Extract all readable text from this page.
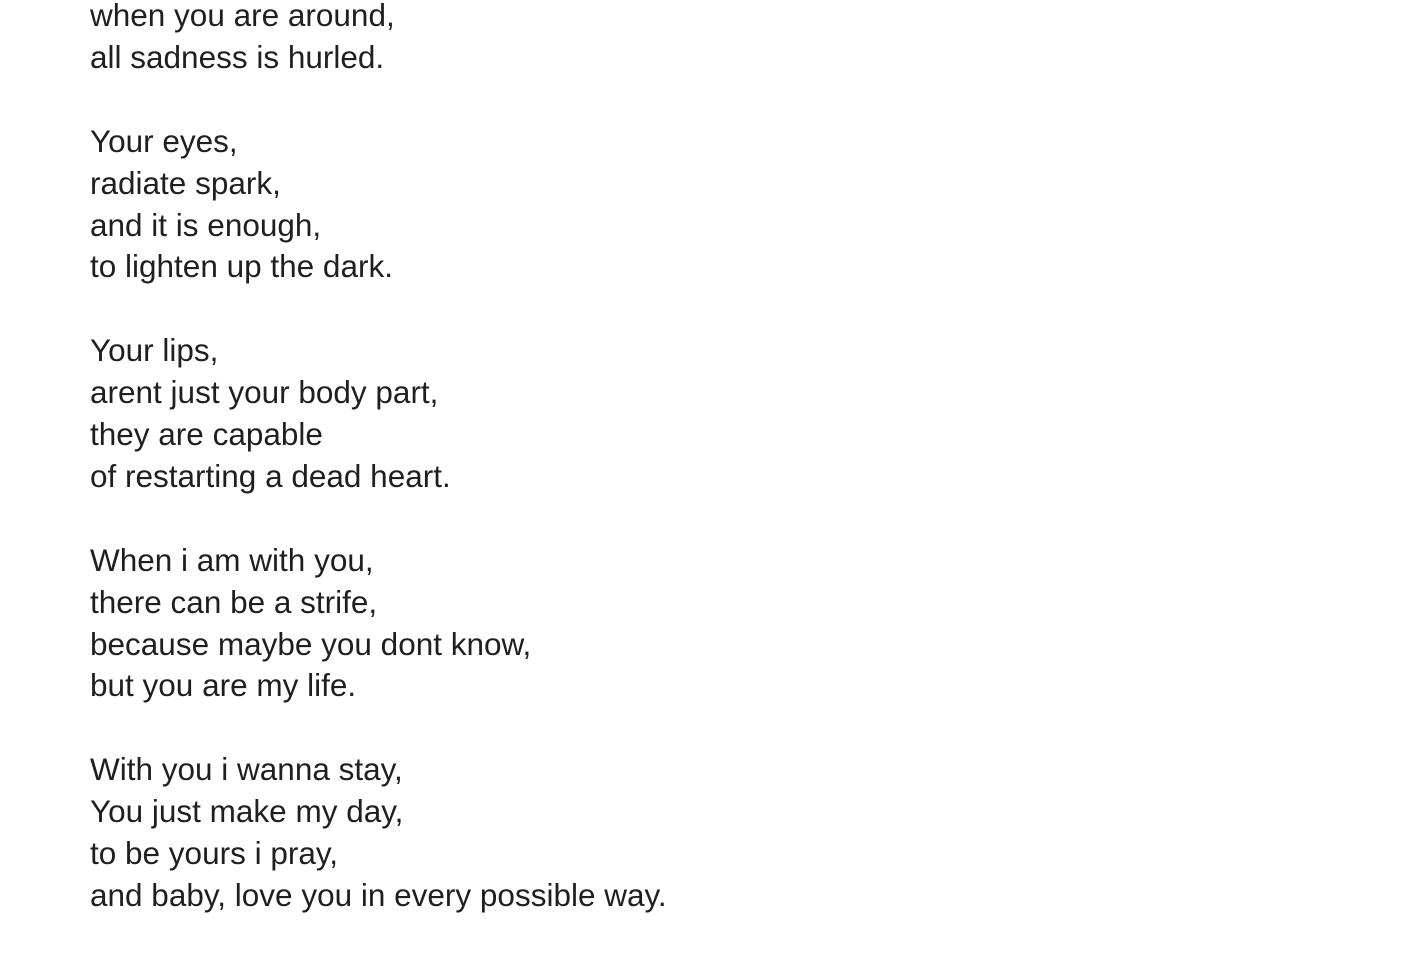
when you are around,
all sadness is hurled.
Your eyes,
radiate spark,
and it is enough,
to lighten up the dark.
Your lips,
arent just your body part,
they are capable
of restarting a dead heart.
When i am with you,
there can be a strife,
because maybe you dont know,
but you are my life.
With you i wanna stay,
You just make my day,
to be yours i pray,
and baby, love you in every possible way.
